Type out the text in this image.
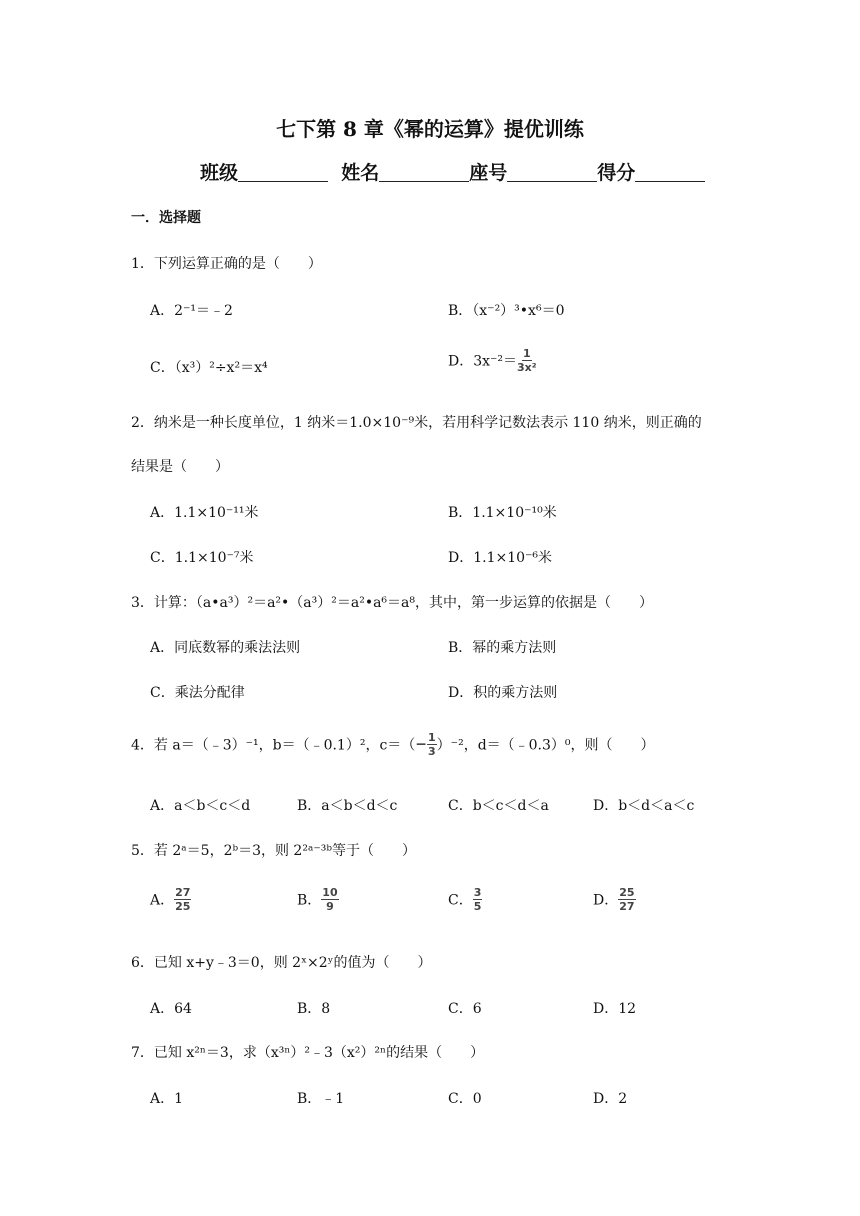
七下第 8 章《幂的运算》提优训练
班级	姓名	座号	得分
一．选择题
1．下列运算正确的是（　　）
A．2⁻¹＝﹣2	B．（x⁻²）³•x⁶＝0
C．（x³）²÷x²＝x⁴	D．$3x^{-2}= \frac{1}{\text{3x²}}$
2．纳米是一种长度单位，1 纳米＝1.0×10⁻⁹米，若用科学记数法表示 110 纳米，则正确的
结果是（　　）
A．1.1×10⁻¹¹米	B．1.1×10⁻¹⁰米
C．1.1×10⁻⁷米	D．1.1×10⁻⁶米
3．计算：（a•a³）²＝a²•（a³）²＝a²•a⁶＝a⁸，其中，第一步运算的依据是（　　）
A．同底数幂的乘法法则	B．幂的乘方法则
C．乘法分配律	D．积的乘方法则
4．若 a＝（﹣3）⁻¹，b＝（﹣0.1）²，$c=(- \frac{1}{3} )^{-2}$，d＝（﹣0.3）⁰，则（　　）
A．a＜b＜c＜d	B．a＜b＜d＜c	C．b＜c＜d＜a	D．b＜d＜a＜c
5．若 2ᵃ＝5，2ᵇ＝3，则 2²ᵃ⁻³ᵇ等于（　　）
A． $\frac{27}{25}$	B． $\frac{10}{9}$	C． $\frac{3}{5}$	D． $\frac{25}{27}$
6．已知 x+y﹣3＝0，则 2ˣ×2ʸ的值为（　　）
A．64	B．8	C．6	D．12
7．已知 x²ⁿ＝3，求（x³ⁿ）²﹣3（x²）²ⁿ的结果（　　）
A．1	B．﹣1	C．0	D．2
